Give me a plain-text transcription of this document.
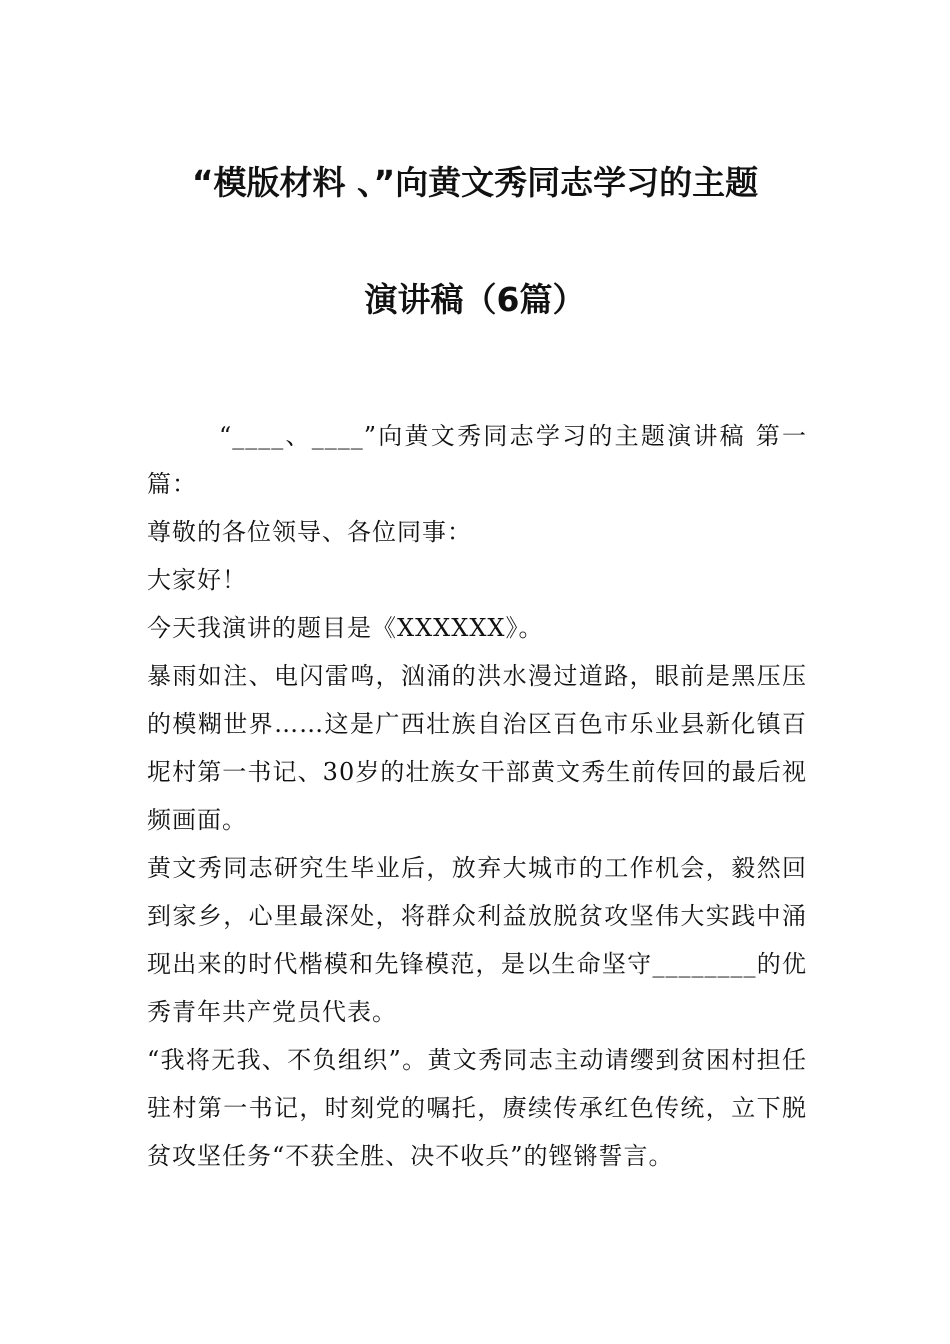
“模版材料 、”向黄文秀同志学习的主题
演讲稿（6篇）

“____、____”向黄文秀同志学习的主题演讲稿 第一篇：

尊敬的各位领导、各位同事：

大家好！

今天我演讲的题目是《XXXXXX》。

暴雨如注、电闪雷鸣，汹涌的洪水漫过道路，眼前是黑压压的模糊世界……这是广西壮族自治区百色市乐业县新化镇百坭村第一书记、30岁的壮族女干部黄文秀生前传回的最后视频画面。

黄文秀同志研究生毕业后，放弃大城市的工作机会，毅然回到家乡，心里最深处，将群众利益放脱贫攻坚伟大实践中涌现出来的时代楷模和先锋模范，是以生命坚守________的优秀青年共产党员代表。

“我将无我、不负组织”。黄文秀同志主动请缨到贫困村担任驻村第一书记，时刻党的嘱托，赓续传承红色传统，立下脱贫攻坚任务“不获全胜、决不收兵”的铿锵誓言。
